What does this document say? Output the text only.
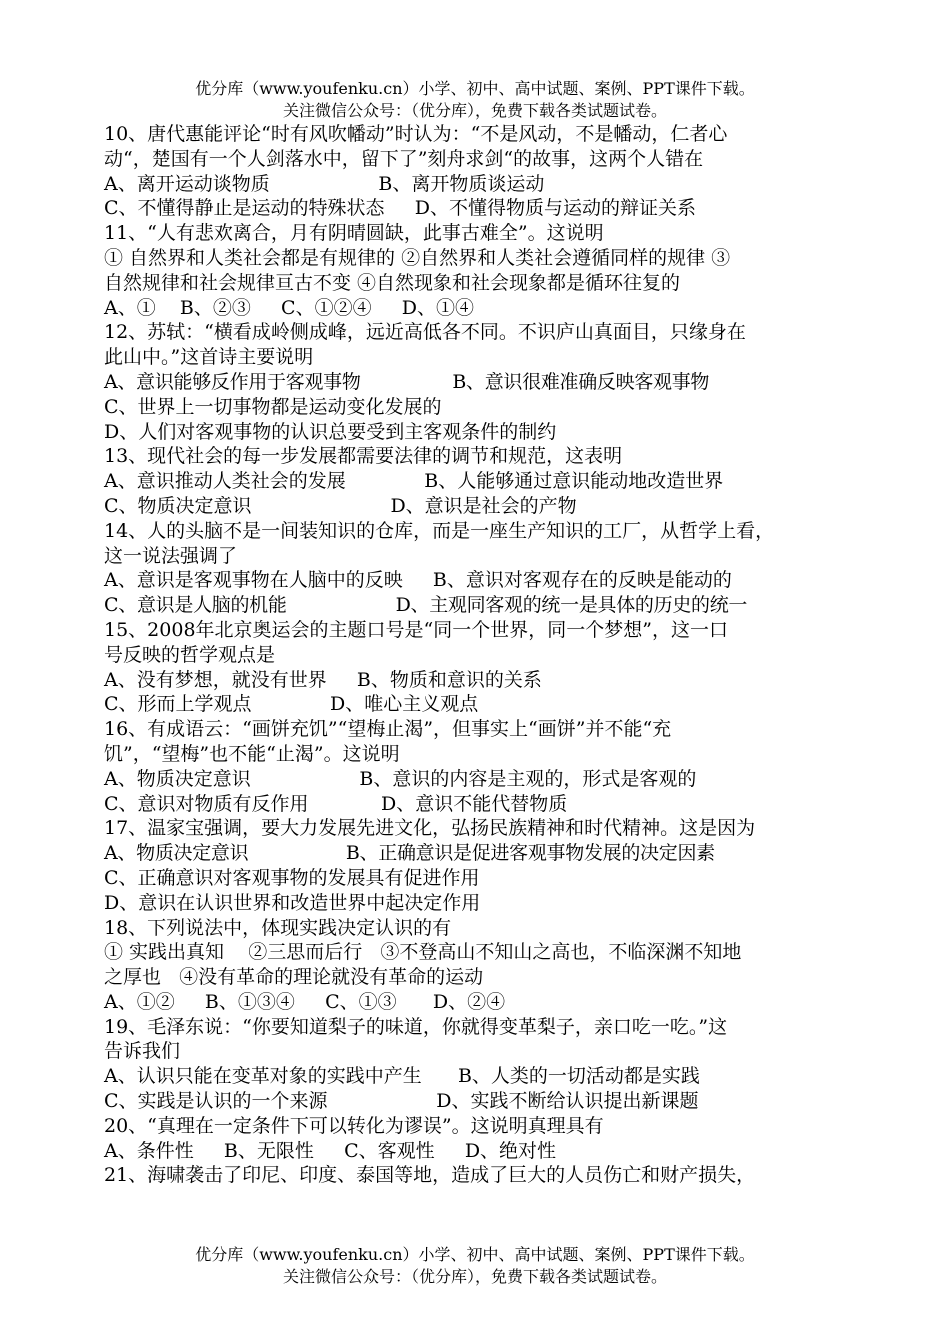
优分库（www.youfenku.cn）小学、初中、高中试题、案例、PPT课件下载。
关注微信公众号：（优分库），免费下载各类试题试卷。
10、唐代惠能评论“时有风吹幡动”时认为：“不是风动，不是幡动，仁者心
动“，楚国有一个人剑落水中，留下了”刻舟求剑“的故事，这两个人错在
A、离开运动谈物质                  B、离开物质谈运动
C、不懂得静止是运动的特殊状态     D、不懂得物质与运动的辩证关系
11、“人有悲欢离合，月有阴晴圆缺，此事古难全”。这说明
① 自然界和人类社会都是有规律的 ②自然界和人类社会遵循同样的规律 ③
自然规律和社会规律亘古不变 ④自然现象和社会现象都是循环往复的
A、①    B、②③     C、①②④     D、①④
12、苏轼：“横看成岭侧成峰，远近高低各不同。不识庐山真面目，只缘身在
此山中。”这首诗主要说明
A、意识能够反作用于客观事物                B、意识很难准确反映客观事物
C、世界上一切事物都是运动变化发展的
D、人们对客观事物的认识总要受到主客观条件的制约
13、现代社会的每一步发展都需要法律的调节和规范，这表明
A、意识推动人类社会的发展             B、人能够通过意识能动地改造世界
C、物质决定意识                       D、意识是社会的产物
14、人的头脑不是一间装知识的仓库，而是一座生产知识的工厂，从哲学上看，
这一说法强调了
A、意识是客观事物在人脑中的反映     B、意识对客观存在的反映是能动的
C、意识是人脑的机能                   D、主观同客观的统一是具体的历史的统一
15、2008年北京奥运会的主题口号是“同一个世界，同一个梦想”，这一口
号反映的哲学观点是
A、没有梦想，就没有世界     B、物质和意识的关系
C、形而上学观点             D、唯心主义观点
16、有成语云：“画饼充饥”“望梅止渴”，但事实上“画饼”并不能“充
饥”，“望梅”也不能“止渴”。这说明
A、物质决定意识                  B、意识的内容是主观的，形式是客观的
C、意识对物质有反作用            D、意识不能代替物质
17、温家宝强调，要大力发展先进文化，弘扬民族精神和时代精神。这是因为
A、物质决定意识                 B、正确意识是促进客观事物发展的决定因素
C、正确意识对客观事物的发展具有促进作用
D、意识在认识世界和改造世界中起决定作用
18、下列说法中，体现实践决定认识的有
① 实践出真知    ②三思而后行   ③不登高山不知山之高也，不临深渊不知地
之厚也   ④没有革命的理论就没有革命的运动
A、①②     B、①③④     C、①③      D、②④
19、毛泽东说：“你要知道梨子的味道，你就得变革梨子，亲口吃一吃。”这
告诉我们
A、认识只能在变革对象的实践中产生      B、人类的一切活动都是实践
C、实践是认识的一个来源                  D、实践不断给认识提出新课题
20、“真理在一定条件下可以转化为谬误”。这说明真理具有
A、条件性     B、无限性     C、客观性     D、绝对性
21、海啸袭击了印尼、印度、泰国等地，造成了巨大的人员伤亡和财产损失，
优分库（www.youfenku.cn）小学、初中、高中试题、案例、PPT课件下载。
关注微信公众号：（优分库），免费下载各类试题试卷。
